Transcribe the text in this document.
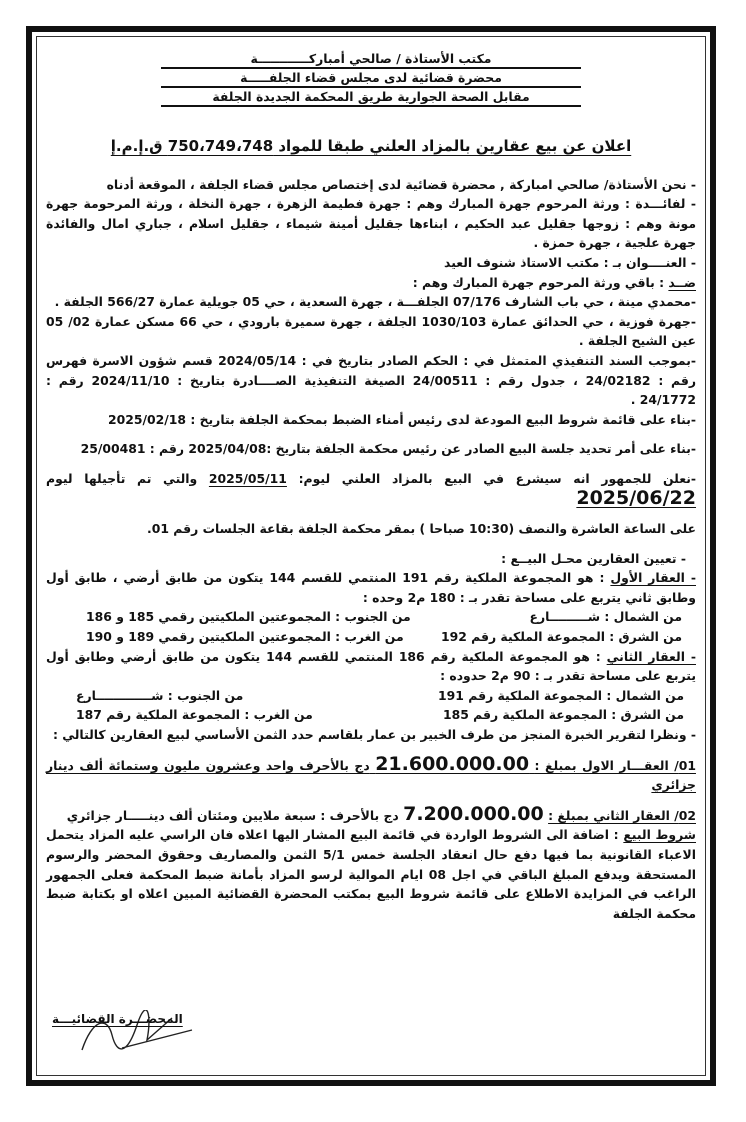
مكتب الأستاذة / صالحي أمباركــــــــــــة
محضرة قضائية لدى مجلس قضاء الجلفـــــة
مقابل الصحة الجوارية طريق المحكمة الجديدة الجلفة
اعلان عن بيع عقارين بالمزاد العلني طبقا للمواد 750،749،748 ق.إ.م.إ

- نحن الأستاذة/ صالحي امباركة , محضرة قضائية لدى إختصاص مجلس قضاء الجلفة ، الموقعة أدناه

- لفائـــدة : ورثة المرحوم جهرة المبارك وهم : جهرة فطيمة الزهرة ، جهرة النخلة ، ورثة المرحومة جهرة مونة وهم : زوجها جقليل عبد الحكيم ، ابناءها جقليل أمينة شيماء ، جقليل اسلام ، جباري امال والفائدة جهرة علجية ، جهرة حمزة .

- العنــــوان بـ : مكتب الاستاذ شنوف العيد

ضــد : باقي ورثة المرحوم جهرة المبارك وهم :

-محمدي مينة ، حي باب الشارف 07/176 الجلفـــة ، جهرة السعدية ، حي 05 جويلية عمارة 566/27 الجلفة .

-جهرة فوزية ، حي الحدائق عمارة 1030/103 الجلفة ، جهرة سميرة بارودي ، حي 66 مسكن عمارة 02/ 05 عين الشيح الجلفة .

-بموجب السند التنفيذي المتمثل في : الحكم الصادر بتاريخ في : 2024/05/14 قسم شؤون الاسرة فهرس رقم : 24/02182 ، جدول رقم : 24/00511 الصيغة التنفيذية الصــــادرة بتاريخ : 2024/11/10 رقم : 24/1772 .

-بناء على قائمة شروط البيع المودعة لدى رئيس أمناء الضبط بمحكمة الجلفة بتاريخ : 2025/02/18

-بناء على أمر تحديد جلسة البيع الصادر عن رئيس محكمة الجلفة بتاريخ :2025/04/08 رقم : 25/00481

-نعلن للجمهور انه سيشرع في البيع بالمزاد العلني ليوم: 2025/05/11 والتي تم تأجيلها ليوم 2025/06/22

على الساعة العاشرة والنصف (10:30 صباحا ) بمقر محكمة الجلفة بقاعة الجلسات رقم 01.

- تعيين العقارين محـل البيــع :

- العقار الأول : هو المجموعة الملكية رقم 191 المنتمي للقسم 144 يتكون من طابق أرضي ، طابق أول وطابق ثاني يتربع على مساحة تقدر بـ : 180 م2 وحده :

من الشمال : شـــــــــارع
من الجنوب : المجموعتين الملكيتين رقمي 185 و 186
من الشرق : المجموعة الملكية رقم 192
من الغرب : المجموعتين الملكيتين رقمي 189 و 190

- العقار الثاني : هو المجموعة الملكية رقم 186 المنتمي للقسم 144 يتكون من طابق أرضي وطابق أول يتربع على مساحة تقدر بـ : 90 م2 حدوده :

من الشمال : المجموعة الملكية رقم 191
من الجنوب : شـــــــــــــارع
من الشرق : المجموعة الملكية رقم 185
من الغرب : المجموعة الملكية رقم 187

- ونظرا لتقرير الخبرة المنجز من طرف الخبير بن عمار بلقاسم حدد الثمن الأساسي لبيع العقارين كالتالي :

01/ العقـــار الاول بمبلغ : 21.600.000.00 دج بالأحرف واحد وعشرون مليون وستمائة ألف دينار جزائري

02/ العقار الثاني بمبلغ : 7.200.000.00 دج بالأحرف : سبعة ملايين ومئتان ألف دينـــــار جزائري

شروط البيع : اضافة الى الشروط الواردة في قائمة البيع المشار اليها اعلاه فان الراسي عليه المزاد يتحمل الاعباء القانونية بما فيها دفع حال انعقاد الجلسة خمس 5/1 الثمن والمصاريف وحقوق المحضر والرسوم المستحقة ويدفع المبلغ الباقي في اجل 08 ايام الموالية لرسو المزاد بأمانة ضبط المحكمة فعلى الجمهور الراغب في المزايدة الاطلاع على قائمة شروط البيع بمكتب المحضرة القضائية المبين اعلاه او بكتابة ضبط محكمة الجلفة

المحضـــرة القضائيـــة
